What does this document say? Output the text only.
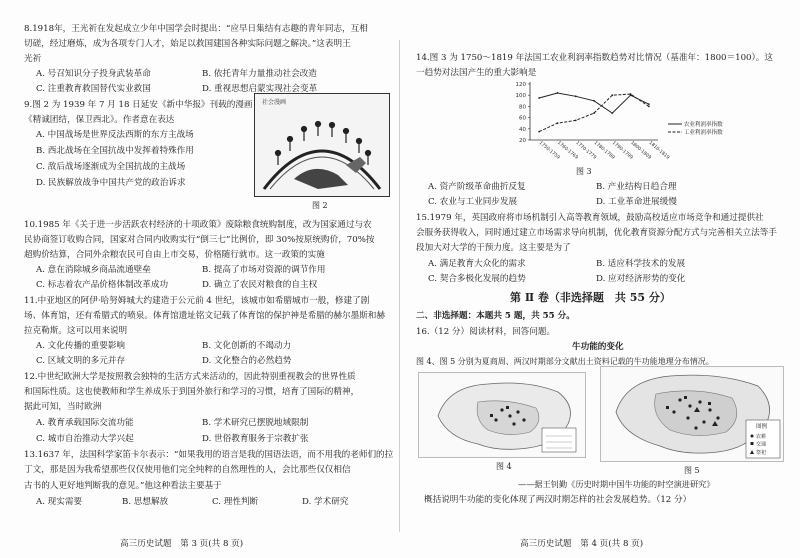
8.1918年，王光祈在发起成立少年中国学会时提出：“应早日集结有志趣的青年同志，互相
切磋，经过磨炼，成为各项专门人才，始足以救国建国各种实际问题之解决。”这表明王
光祈
A. 号召知识分子投身武装革命	B. 依托青年力量推动社会改造
C. 注重教育救国替代实业救国	D. 重视思想启蒙实现社会变革
9.图 2 为 1939 年 7 月 18 日延安《新中华报》刊载的漫画
《精诚团结，保卫西北》。作者意在表达
A. 中国战场是世界反法西斯的东方主战场
B. 西北战场在全国抗战中发挥着特殊作用
C. 敌后战场逐渐成为全国抗战的主战场
D. 民族解放战争中国共产党的政治诉求
社会漫画
图 2
10.1985 年《关于进一步活跃农村经济的十项政策》废除粮食统购制度，改为国家通过与农
民协商签订收购合同，国家对合同内收购实行“倒三七”比例价，即 30%按原统购价，70%按
超购价结算，合同外余粮农民可自由上市交易，价格随行就市。这一政策的实施
A. 意在消除城乡商品流通壁垒	B. 提高了市场对资源的调节作用
C. 标志着农产品价格体制改革成功	D. 确立了农民对粮食的自主权
11.中亚地区的阿伊·哈努姆城大约建造于公元前 4 世纪，该城市如希腊城市一般，修建了剧
场、体育馆，还有希腊式的喷泉。体育馆遗址铭文记载了体育馆的保护神是希腊的赫尔墨斯和赫
拉克勒斯。这可以用来说明
A. 文化传播的重要影响	B. 文化创新的不竭动力
C. 区域文明的多元并存	D. 文化整合的必然趋势
12.中世纪欧洲大学是按照教会独特的生活方式来活动的，因此特别重视教会的世界性质
和国际性质。这也使教师和学生养成乐于到国外旅行和学习的习惯，培育了国际的精神，
据此可知，当时欧洲
A. 教育承载国际交流功能	B. 学术研究已摆脱地域限制
C. 城市自治推动大学兴起	D. 世俗教育服务于宗教扩张
13.1637 年，法国科学家笛卡尔表示：“如果我用的语言是我的国语法语，而不用我的老师们的拉
丁文，那是因为我希望那些仅仅使用他们完全纯粹的自然理性的人，会比那些仅仅相信
古书的人更好地判断我的意见。”他这种看法主要基于
A. 现实需要	B. 思想解放	C. 理性判断	D. 学术研究
高三历史试题　第 3 页(共 8 页)
14.图 3 为 1750～1819 年法国工农业利润率指数趋势对比情况（基准年：1800＝100）。这
一趋势对法国产生的重大影响是
20
40
60
80
100
120
1750-1759
1760-1769
1770-1779
1780-1789
1790-1799
1800-1809
1810-1819
农业利润率指数
工业利润率指数
图 3
A. 资产阶级革命曲折反复	B. 产业结构日趋合理
C. 农业与工业同步发展	D. 工业革命进展缓慢
15.1979 年，英国政府将市场机制引入高等教育领域，鼓励高校适应市场竞争和通过提供社
会服务获得收入，同时通过建立市场需求导向机制，优化教育资源分配方式与完善相关立法等手
段加大对大学的干预力度。这主要是为了
A. 满足教育大众化的需求	B. 适应科学技术的发展
C. 契合多极化发展的趋势	D. 应对经济形势的变化
第 Ⅱ 卷（非选择题　共 55 分）
二、非选择题：本题共 5 题，共 55 分。
16.（12 分）阅读材料，回答问题。
牛功能的变化
图 4、图 5 分别为夏商周、两汉时期部分文献出土资料记载的牛功能地理分布情况。
图 4
图例
农耕
交通
祭祀
图 5
——据王钊勤《历史时期中国牛功能的时空演进研究》
概括说明牛功能的变化体现了两汉时期怎样的社会发展趋势。（12 分）
高三历史试题　第 4 页(共 8 页)
